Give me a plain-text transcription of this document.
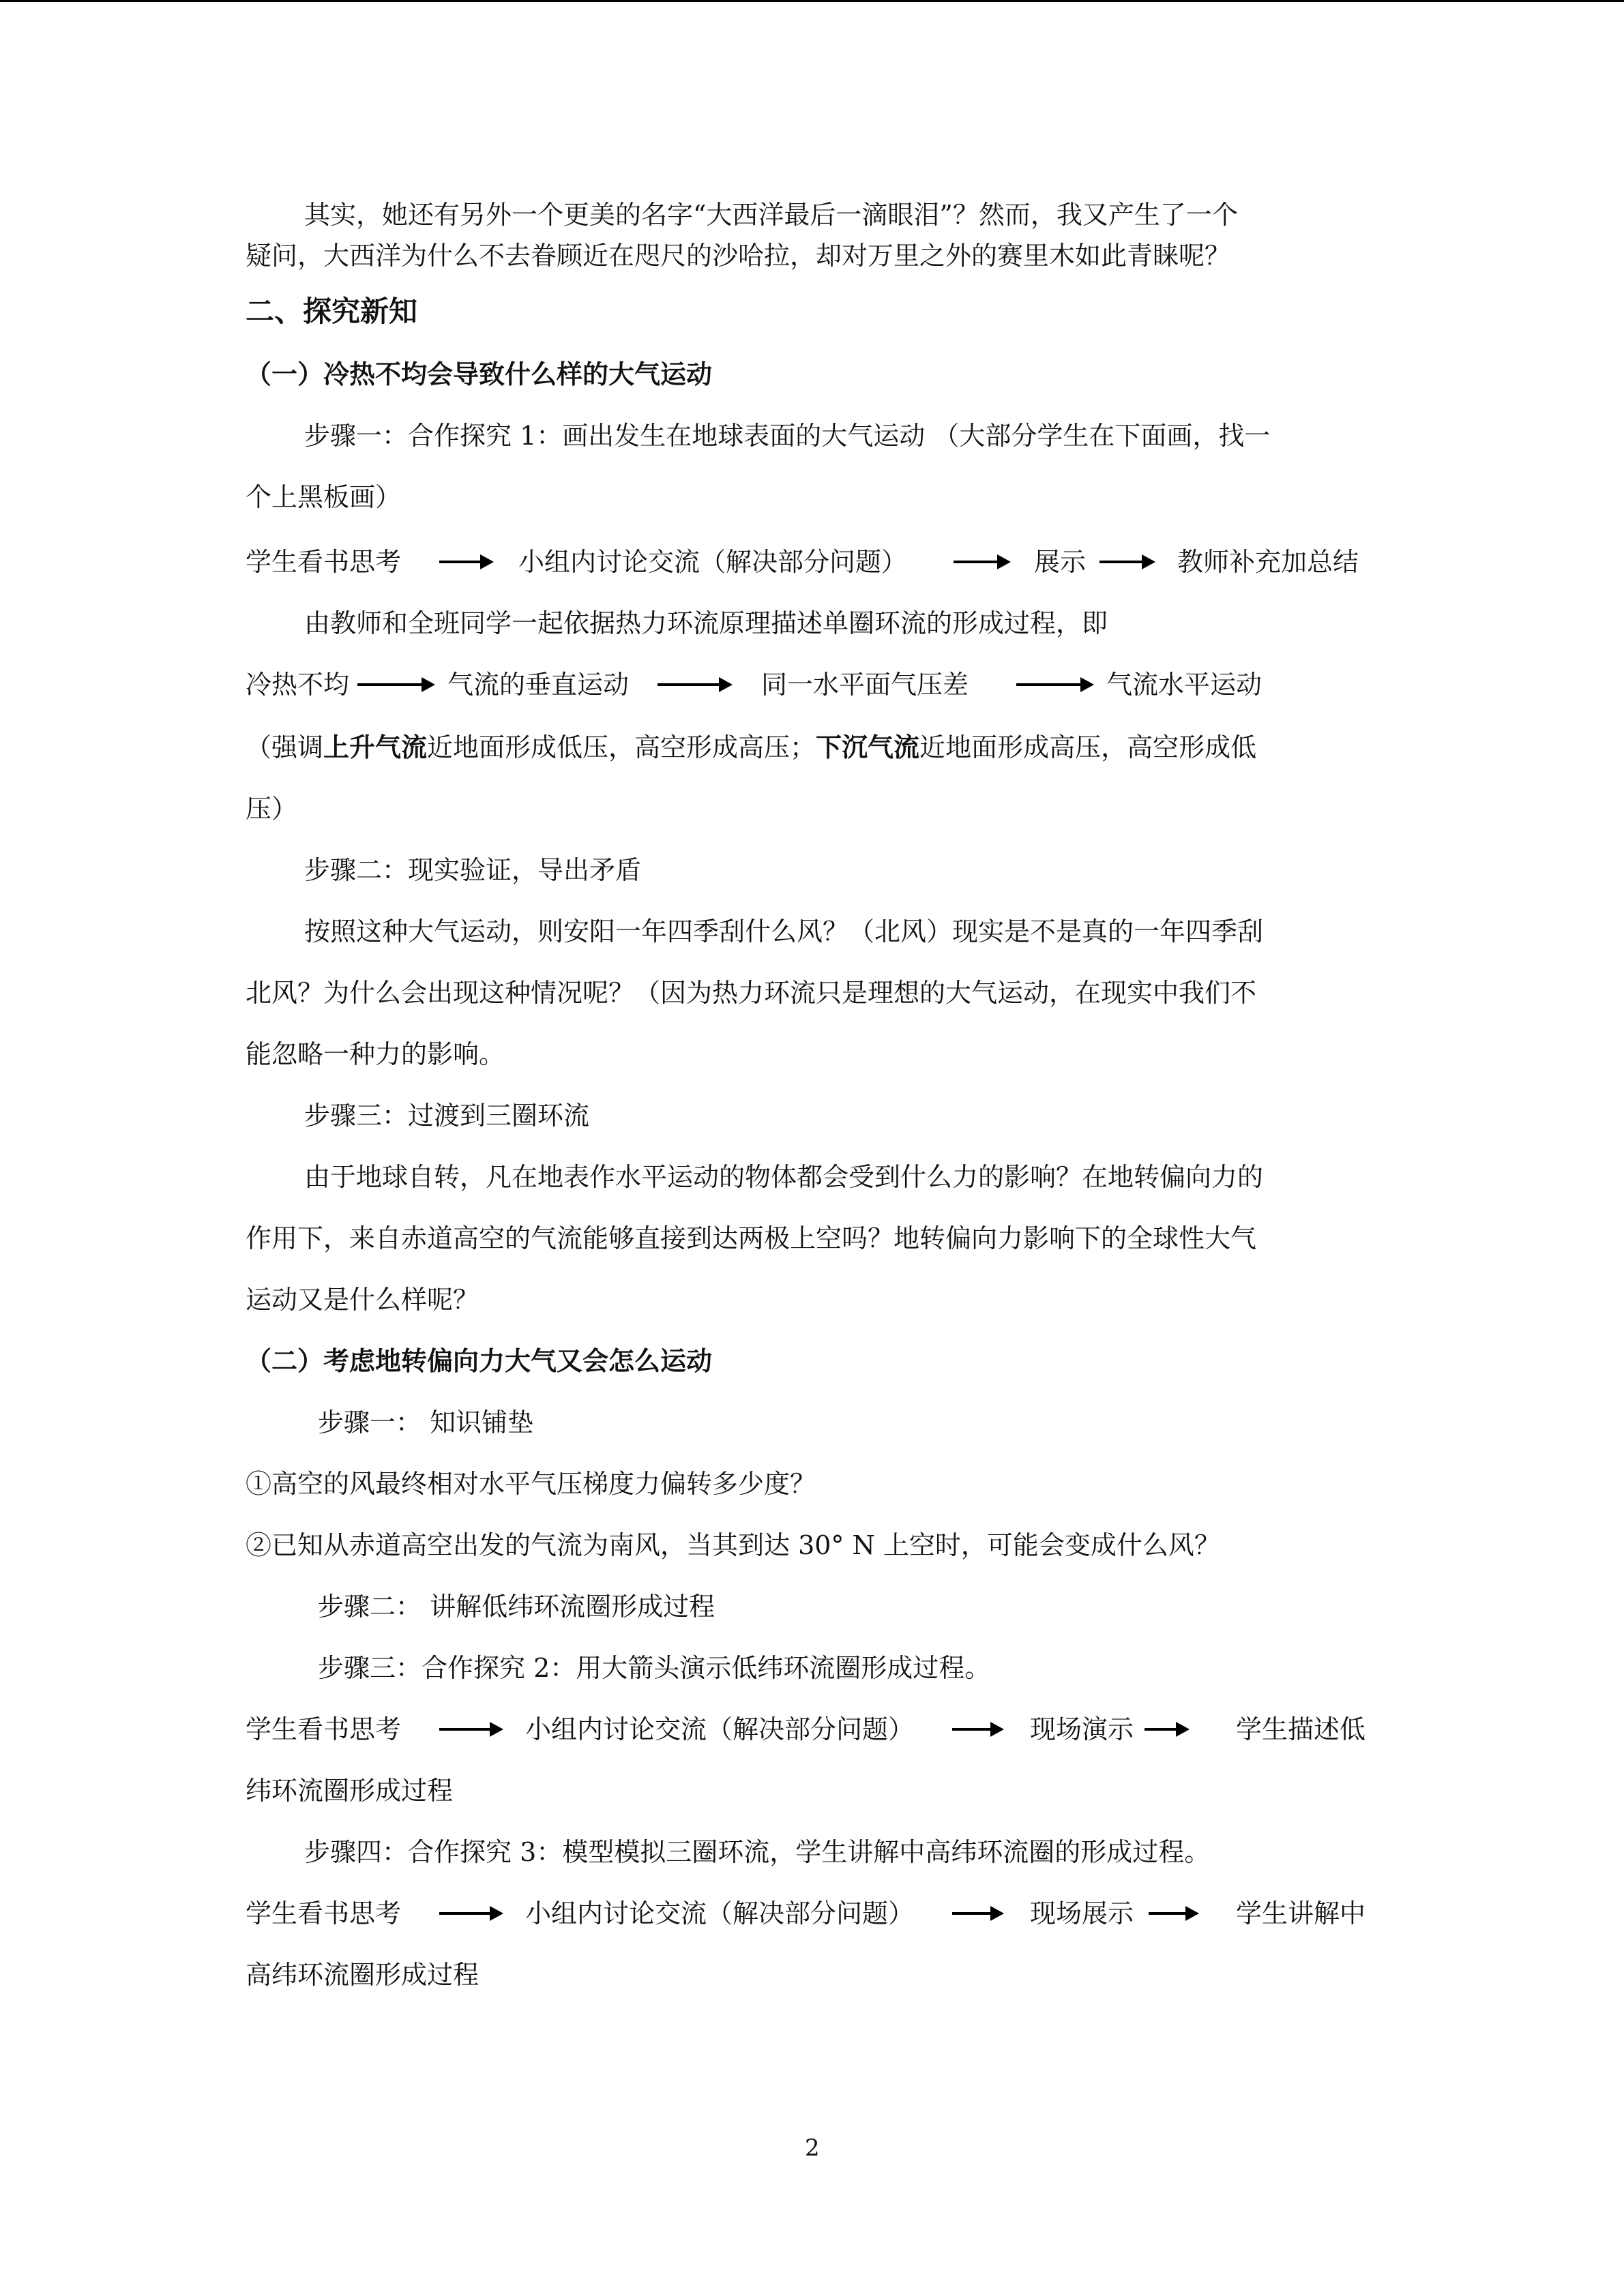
其实，她还有另外一个更美的名字“大西洋最后一滴眼泪”？然而，我又产生了一个
疑问，大西洋为什么不去眷顾近在咫尺的沙哈拉，却对万里之外的赛里木如此青睐呢？
二、探究新知
（一）冷热不均会导致什么样的大气运动
步骤一：合作探究 1：画出发生在地球表面的大气运动 （大部分学生在下面画，找一
个上黑板画）
学生看书思考	小组内讨论交流（解决部分问题）	展示	教师补充加总结
由教师和全班同学一起依据热力环流原理描述单圈环流的形成过程，即
冷热不均	气流的垂直运动	同一水平面气压差	气流水平运动
（强调上升气流近地面形成低压，高空形成高压；下沉气流近地面形成高压，高空形成低
压）
步骤二：现实验证，导出矛盾
按照这种大气运动，则安阳一年四季刮什么风？（北风）现实是不是真的一年四季刮
北风？为什么会出现这种情况呢？（因为热力环流只是理想的大气运动，在现实中我们不
能忽略一种力的影响。
步骤三：过渡到三圈环流
由于地球自转，凡在地表作水平运动的物体都会受到什么力的影响？在地转偏向力的
作用下，来自赤道高空的气流能够直接到达两极上空吗？地转偏向力影响下的全球性大气
运动又是什么样呢？
（二）考虑地转偏向力大气又会怎么运动
步骤一： 知识铺垫
①高空的风最终相对水平气压梯度力偏转多少度？
②已知从赤道高空出发的气流为南风，当其到达 30° N 上空时，可能会变成什么风？
步骤二： 讲解低纬环流圈形成过程
步骤三：合作探究 2：用大箭头演示低纬环流圈形成过程。
学生看书思考	小组内讨论交流（解决部分问题）	现场演示	学生描述低
纬环流圈形成过程
步骤四：合作探究 3：模型模拟三圈环流，学生讲解中高纬环流圈的形成过程。
学生看书思考	小组内讨论交流（解决部分问题）	现场展示	学生讲解中
高纬环流圈形成过程
2
